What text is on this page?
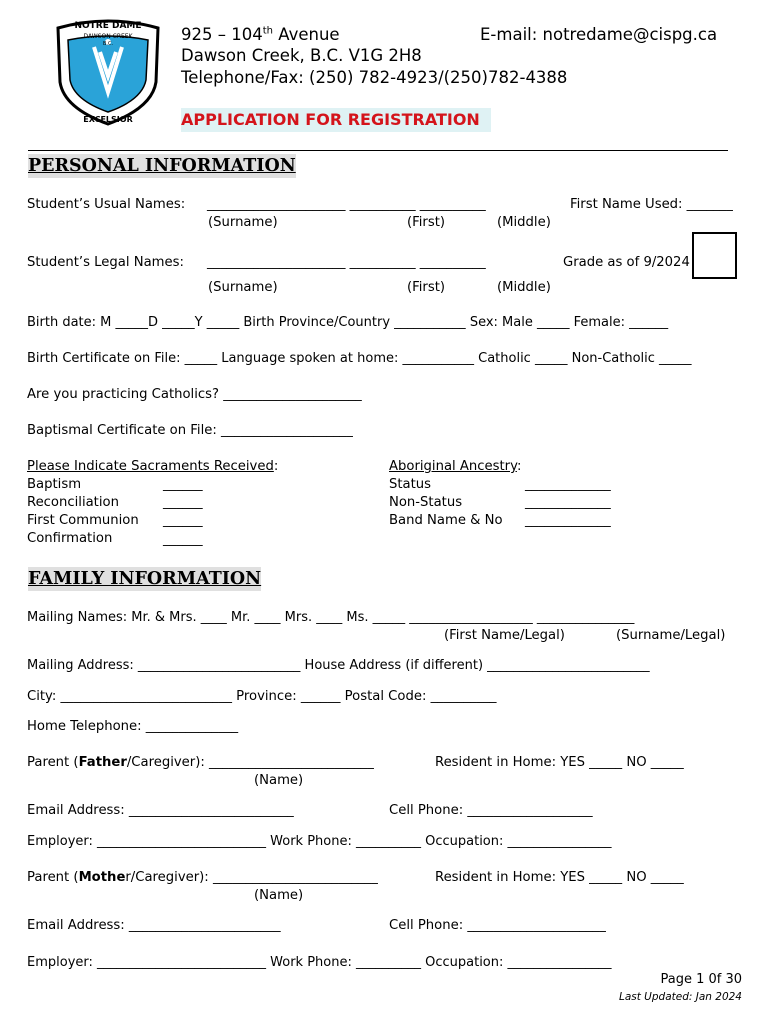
NOTRE DAME
DAWSON CREEK
B.C.
EXCELSIOR
925 – 104th Avenue	E-mail: notredame@cispg.ca
Dawson Creek, B.C. V1G 2H8
Telephone/Fax: (250) 782-4923/(250)782-4388
APPLICATION FOR REGISTRATION
PERSONAL INFORMATION
Student’s Usual Names: _____________________ __________ __________	First Name Used: _______
(Surname)	(First)	(Middle)
Student’s Legal Names: _____________________ __________ __________	Grade as of 9/2024
(Surname)	(First)	(Middle)
Birth date: M _____D _____Y _____ Birth Province/Country ___________ Sex: Male _____ Female: ______
Birth Certificate on File: _____ Language spoken at home: ___________ Catholic _____ Non-Catholic _____
Are you practicing Catholics? _____________________
Baptismal Certificate on File: ____________________
Please Indicate Sacraments Received:
Baptism	______
Reconciliation	______
First Communion ______
Confirmation	______
Aboriginal Ancestry:
Status	_____________
Non-Status	_____________
Band Name & No _____________
FAMILY INFORMATION
Mailing Names: Mr. & Mrs. ____ Mr. ____ Mrs. ____ Ms. _____ ___________________ _______________
(First Name/Legal)	(Surname/Legal)
Mailing Address: _________________________ House Address (if different) _________________________
City: __________________________ Province: ______ Postal Code: __________
Home Telephone: ______________
Parent (Father/Caregiver): _________________________	Resident in Home: YES _____ NO _____
(Name)
Email Address: _________________________	Cell Phone: ___________________
Employer: __________________________ Work Phone: __________ Occupation: ________________
Parent (Mother/Caregiver): _________________________	Resident in Home: YES _____ NO _____
(Name)
Email Address: _______________________	Cell Phone: _____________________
Employer: __________________________ Work Phone: __________ Occupation: ________________
Page 1 0f 30
Last Updated: Jan 2024
